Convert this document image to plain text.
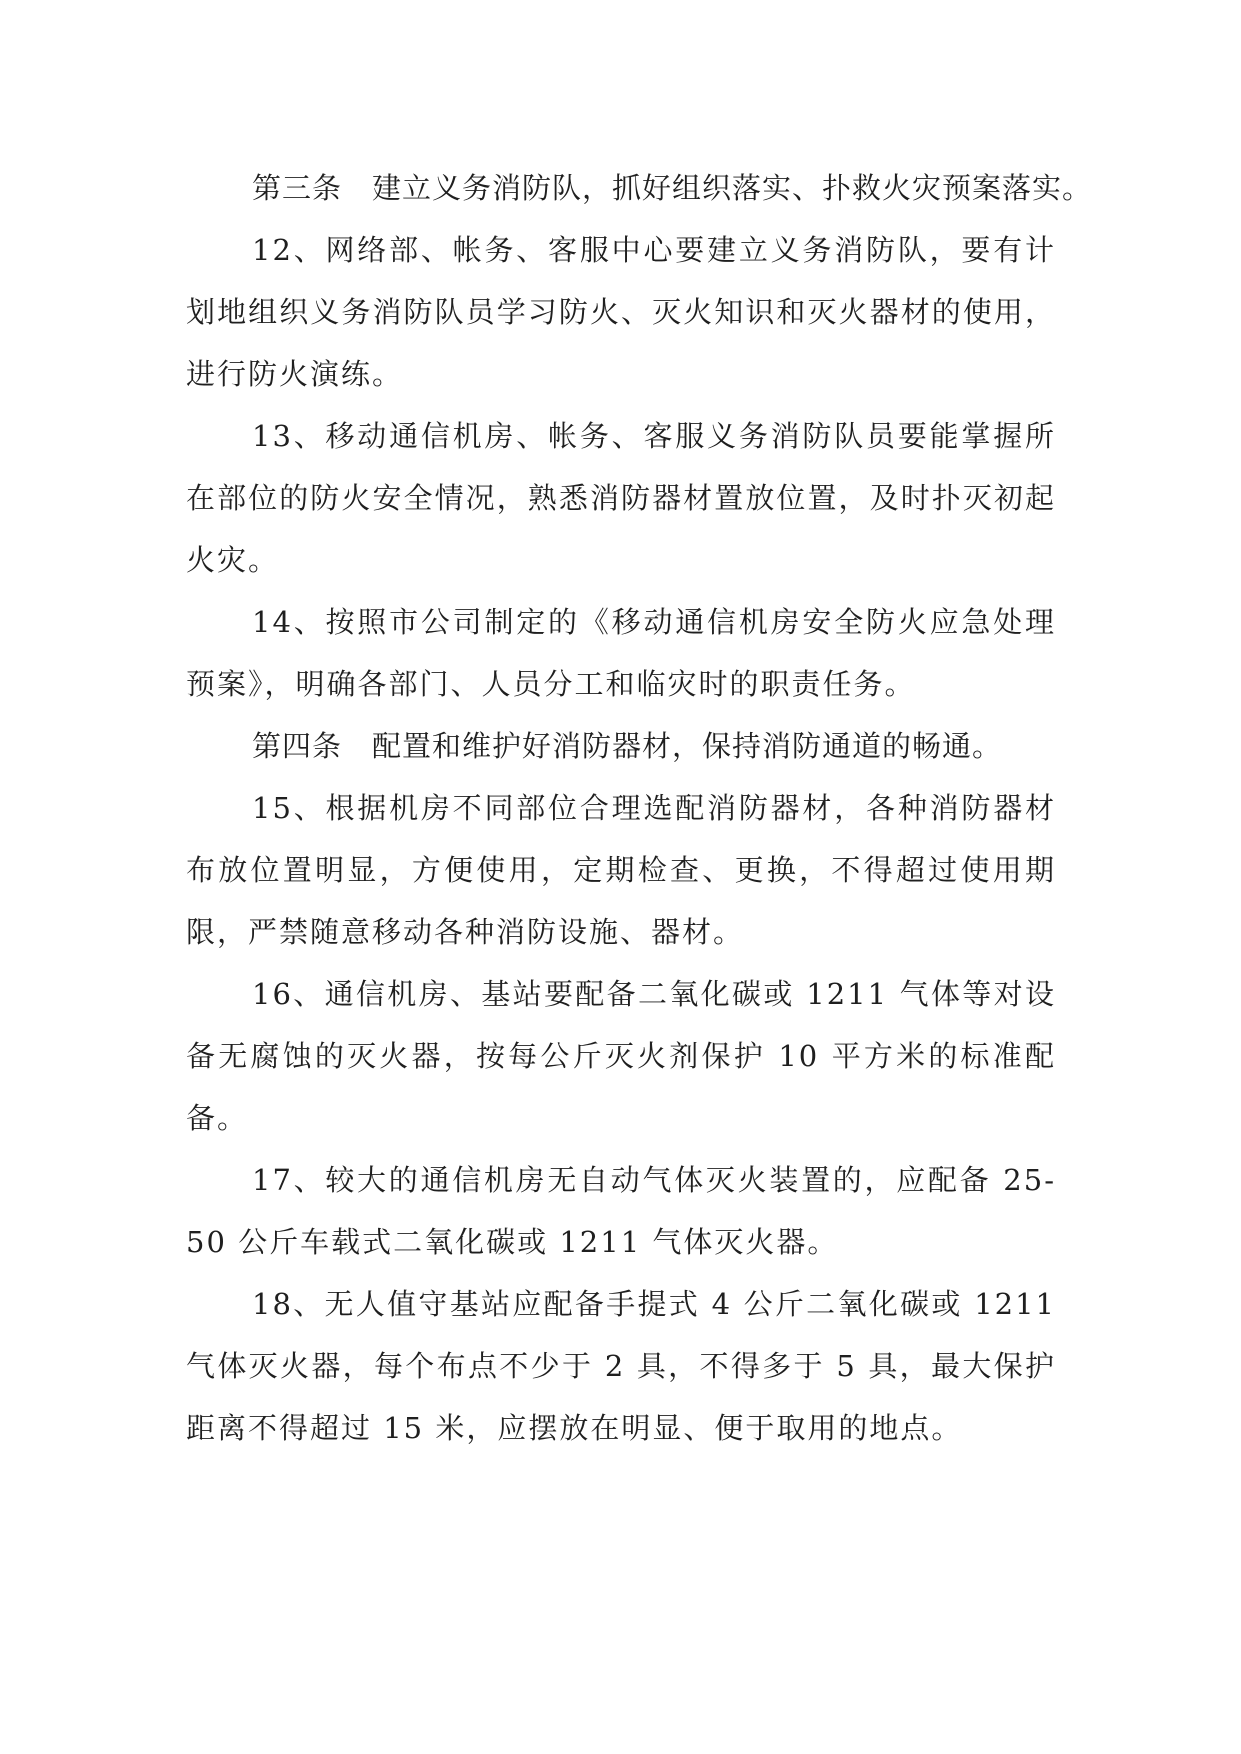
第三条　建立义务消防队，抓好组织落实、扑救火灾预案落实。

12、网络部、帐务、客服中心要建立义务消防队，要有计划地组织义务消防队员学习防火、灭火知识和灭火器材的使用，进行防火演练。

13、移动通信机房、帐务、客服义务消防队员要能掌握所在部位的防火安全情况，熟悉消防器材置放位置，及时扑灭初起火灾。

14、按照市公司制定的《移动通信机房安全防火应急处理预案》，明确各部门、人员分工和临灾时的职责任务。

第四条　配置和维护好消防器材，保持消防通道的畅通。

15、根据机房不同部位合理选配消防器材，各种消防器材布放位置明显，方便使用，定期检查、更换，不得超过使用期限，严禁随意移动各种消防设施、器材。

16、通信机房、基站要配备二氧化碳或 1211 气体等对设备无腐蚀的灭火器，按每公斤灭火剂保护 10 平方米的标准配备。

17、较大的通信机房无自动气体灭火装置的，应配备 25-50 公斤车载式二氧化碳或 1211 气体灭火器。

18、无人值守基站应配备手提式 4 公斤二氧化碳或 1211 气体灭火器，每个布点不少于 2 具，不得多于 5 具，最大保护距离不得超过 15 米，应摆放在明显、便于取用的地点。
